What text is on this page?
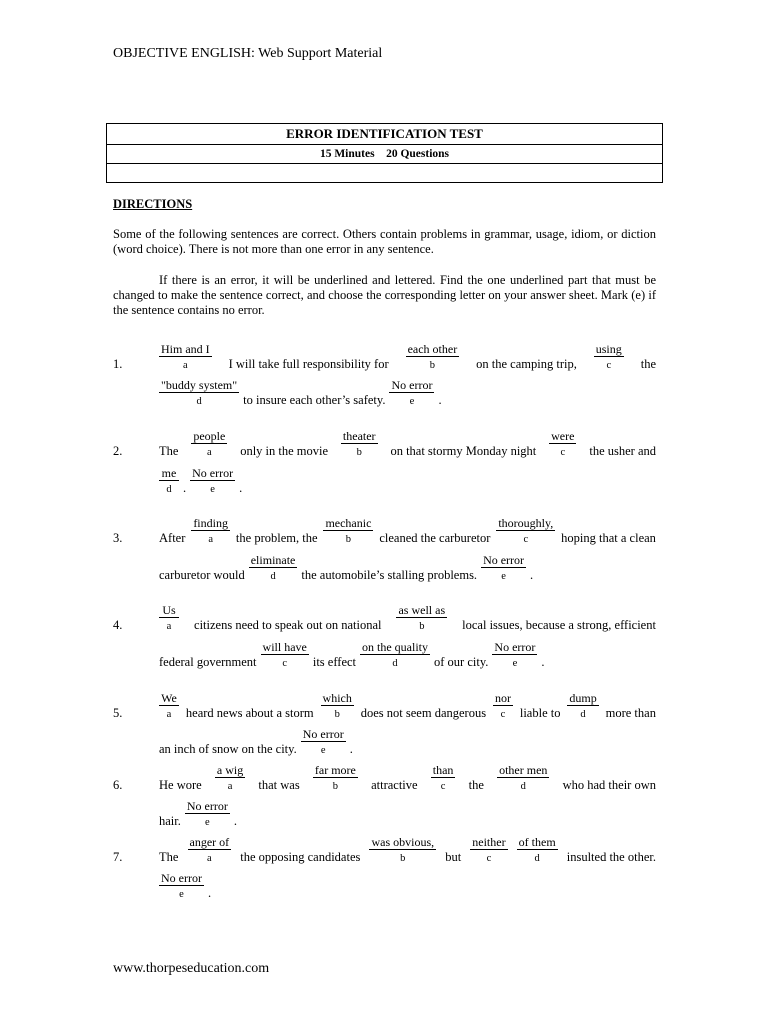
OBJECTIVE ENGLISH: Web Support Material
ERROR IDENTIFICATION TEST
15 Minutes    20 Questions
DIRECTIONS
Some of the following sentences are correct. Others contain problems in grammar, usage, idiom, or diction (word choice). There is not more than one error in any sentence.
If there is an error, it will be underlined and lettered. Find the one underlined part that must be changed to make the sentence correct, and choose the corresponding letter on your answer sheet. Mark (e) if the sentence contains no error.
1.
Him and I
a	I will take full responsibility for
each other
b	on the camping trip,
using
c the
"buddy system"
d	to insure each other’s safety.
No error
e .
2.	The
people
a only in the movie
theater
b on that stormy Monday night
were
c the usher and
me
d .
No error
e .
3.	After
finding
a the problem, the
mechanic
b cleaned the carburetor
thoroughly,
c	hoping that a clean
carburetor would
eliminate
d the automobile’s stalling problems.
No error
e .
4.
Us
a citizens need to speak out on national
as well as
b	local issues, because a strong, efficient
federal government
will have
c its effect
on the quality
d	of our city.
No error
e .
5.
We
a heard news about a storm
which
b does not seem dangerous
nor
c liable to
dump
d more than
an inch of snow on the city.
No error
e .
6.	He wore
a wig
a that was
far more
b	attractive
than
c the
other men
d	who had their own
hair.
No error
e .
7.	The
anger of
a the opposing candidates
was obvious,
b	but
neither
c
of them
d insulted the other.
No error
e .
www.thorpeseducation.com
